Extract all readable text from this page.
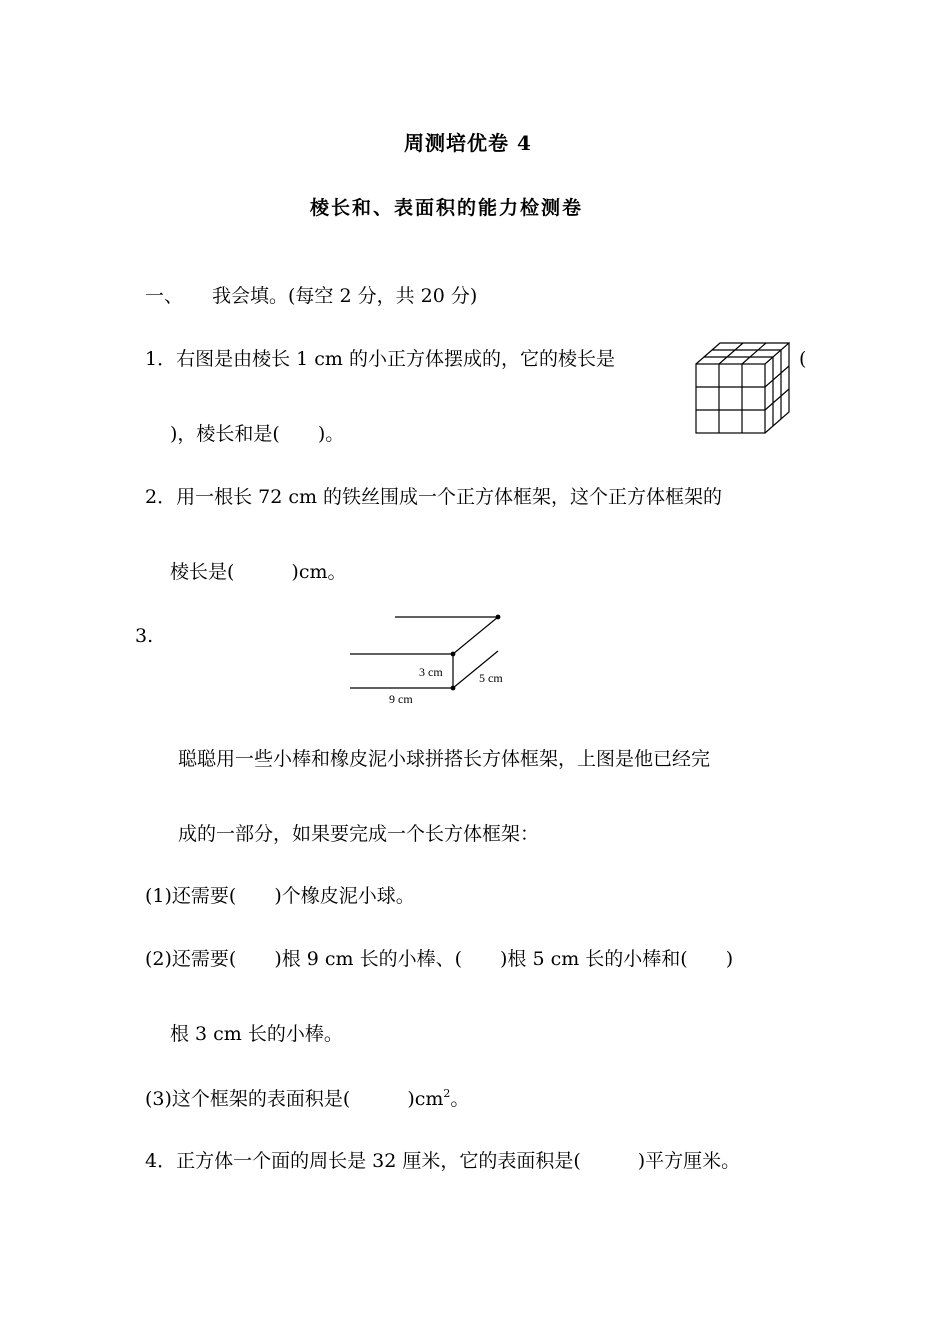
周测培优卷 4
棱长和、表面积的能力检测卷
一、 我会填。(每空 2 分，共 20 分)
1．右图是由棱长 1 cm 的小正方体摆成的，它的棱长是	(
)，棱长和是(　　)。
2．用一根长 72 cm 的铁丝围成一个正方体框架，这个正方体框架的
棱长是(　　　)cm。
3.
3 cm	5 cm
9 cm
聪聪用一些小棒和橡皮泥小球拼搭长方体框架，上图是他已经完
成的一部分，如果要完成一个长方体框架：
(1)还需要(　　)个橡皮泥小球。
(2)还需要(　　)根 9 cm 长的小棒、(　　)根 5 cm 长的小棒和(　　)
根 3 cm 长的小棒。
(3)这个框架的表面积是(　　　)$cm^2$。
4．正方体一个面的周长是 32 厘米，它的表面积是(　　　)平方厘米。
